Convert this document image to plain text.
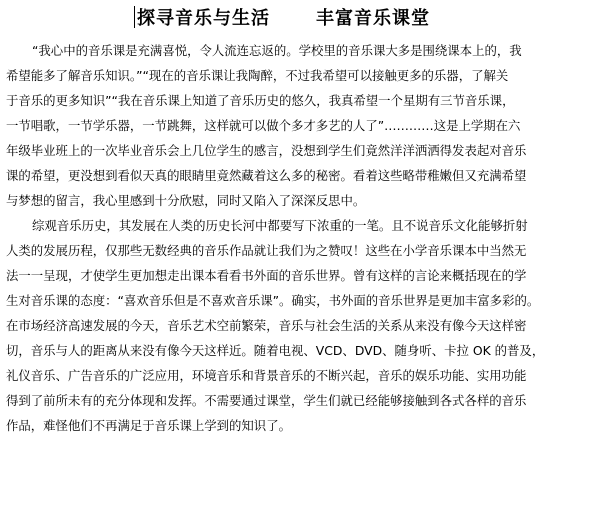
探寻音乐与生活	丰富音乐课堂
“我心中的音乐课是充满喜悦，令人流连忘返的。学校里的音乐课大多是围绕课本上的，我
希望能多了解音乐知识。”“现在的音乐课让我陶醉，不过我希望可以接触更多的乐器，了解关
于音乐的更多知识”“我在音乐课上知道了音乐历史的悠久，我真希望一个星期有三节音乐课，
一节唱歌，一节学乐器，一节跳舞，这样就可以做个多才多艺的人了”…………这是上学期在六
年级毕业班上的一次毕业音乐会上几位学生的感言，没想到学生们竟然洋洋洒洒得发表起对音乐
课的希望，更没想到看似天真的眼睛里竟然藏着这么多的秘密。看着这些略带稚嫩但又充满希望
与梦想的留言，我心里感到十分欣慰，同时又陷入了深深反思中。
综观音乐历史，其发展在人类的历史长河中都要写下浓重的一笔。且不说音乐文化能够折射
人类的发展历程，仅那些无数经典的音乐作品就让我们为之赞叹！这些在小学音乐课本中当然无
法一一呈现，才使学生更加想走出课本看看书外面的音乐世界。曾有这样的言论来概括现在的学
生对音乐课的态度：“喜欢音乐但是不喜欢音乐课”。确实，书外面的音乐世界是更加丰富多彩的。
在市场经济高速发展的今天，音乐艺术空前繁荣，音乐与社会生活的关系从来没有像今天这样密
切，音乐与人的距离从来没有像今天这样近。随着电视、VCD、DVD、随身听、卡拉 OK 的普及，
礼仪音乐、广告音乐的广泛应用，环境音乐和背景音乐的不断兴起，音乐的娱乐功能、实用功能
得到了前所未有的充分体现和发挥。不需要通过课堂，学生们就已经能够接触到各式各样的音乐
作品，难怪他们不再满足于音乐课上学到的知识了。
